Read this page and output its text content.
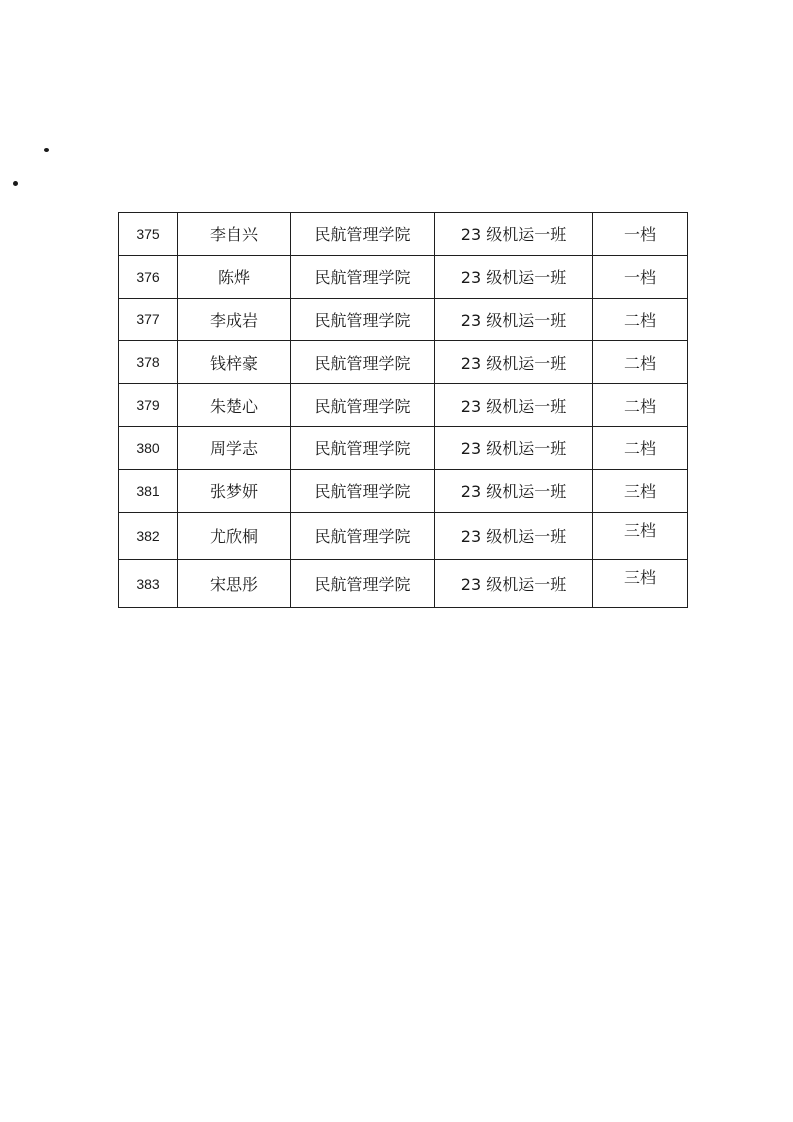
375	李自兴	民航管理学院	23 级机运一班	一档
376	陈烨	民航管理学院	23 级机运一班	一档
377	李成岩	民航管理学院	23 级机运一班	二档
378	钱梓豪	民航管理学院	23 级机运一班	二档
379	朱楚心	民航管理学院	23 级机运一班	二档
380	周学志	民航管理学院	23 级机运一班	二档
381	张梦妍	民航管理学院	23 级机运一班	三档
382	尤欣桐	民航管理学院	23 级机运一班	三档
383	宋思彤	民航管理学院	23 级机运一班	三档
